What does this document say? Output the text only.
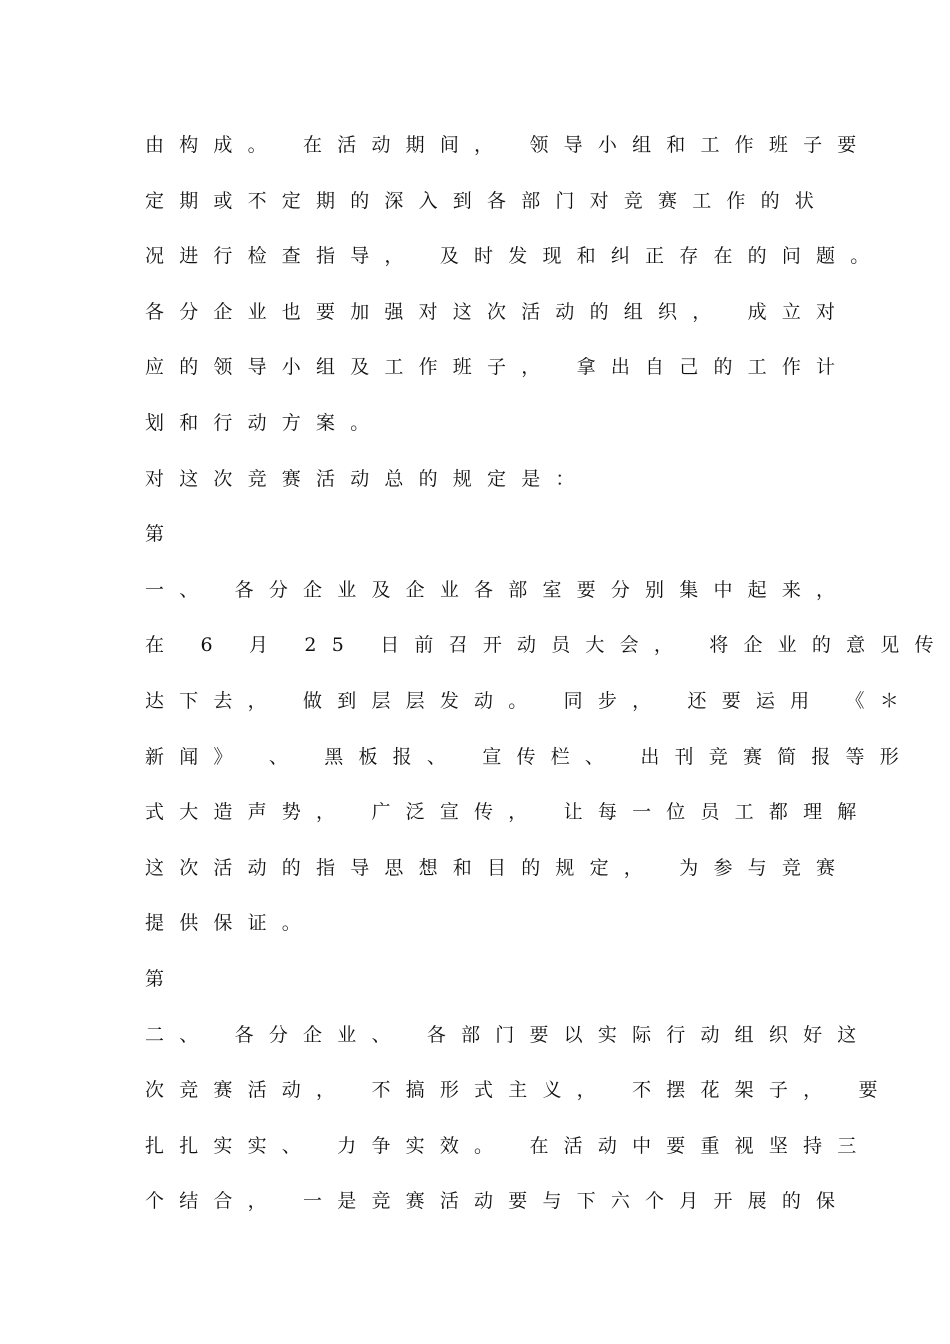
由构成。 在活动期间， 领导小组和工作班子要
定期或不定期的深入到各部门对竞赛工作的状
况进行检查指导， 及时发现和纠正存在的问题。
各分企业也要加强对这次活动的组织， 成立对
应的领导小组及工作班子， 拿出自己的工作计
划和行动方案。
对这次竞赛活动总的规定是：
第
一、 各分企业及企业各部室要分别集中起来，
在 6 月 25 日前召开动员大会， 将企业的意见传
达下去， 做到层层发动。 同步， 还要运用 《＊
新闻》 、 黑板报、 宣传栏、 出刊竞赛简报等形
式大造声势， 广泛宣传， 让每一位员工都理解
这次活动的指导思想和目的规定， 为参与竞赛
提供保证。
第
二、 各分企业、 各部门要以实际行动组织好这
次竞赛活动， 不搞形式主义， 不摆花架子， 要
扎扎实实、 力争实效。 在活动中要重视坚持三
个结合， 一是竞赛活动要与下六个月开展的保
